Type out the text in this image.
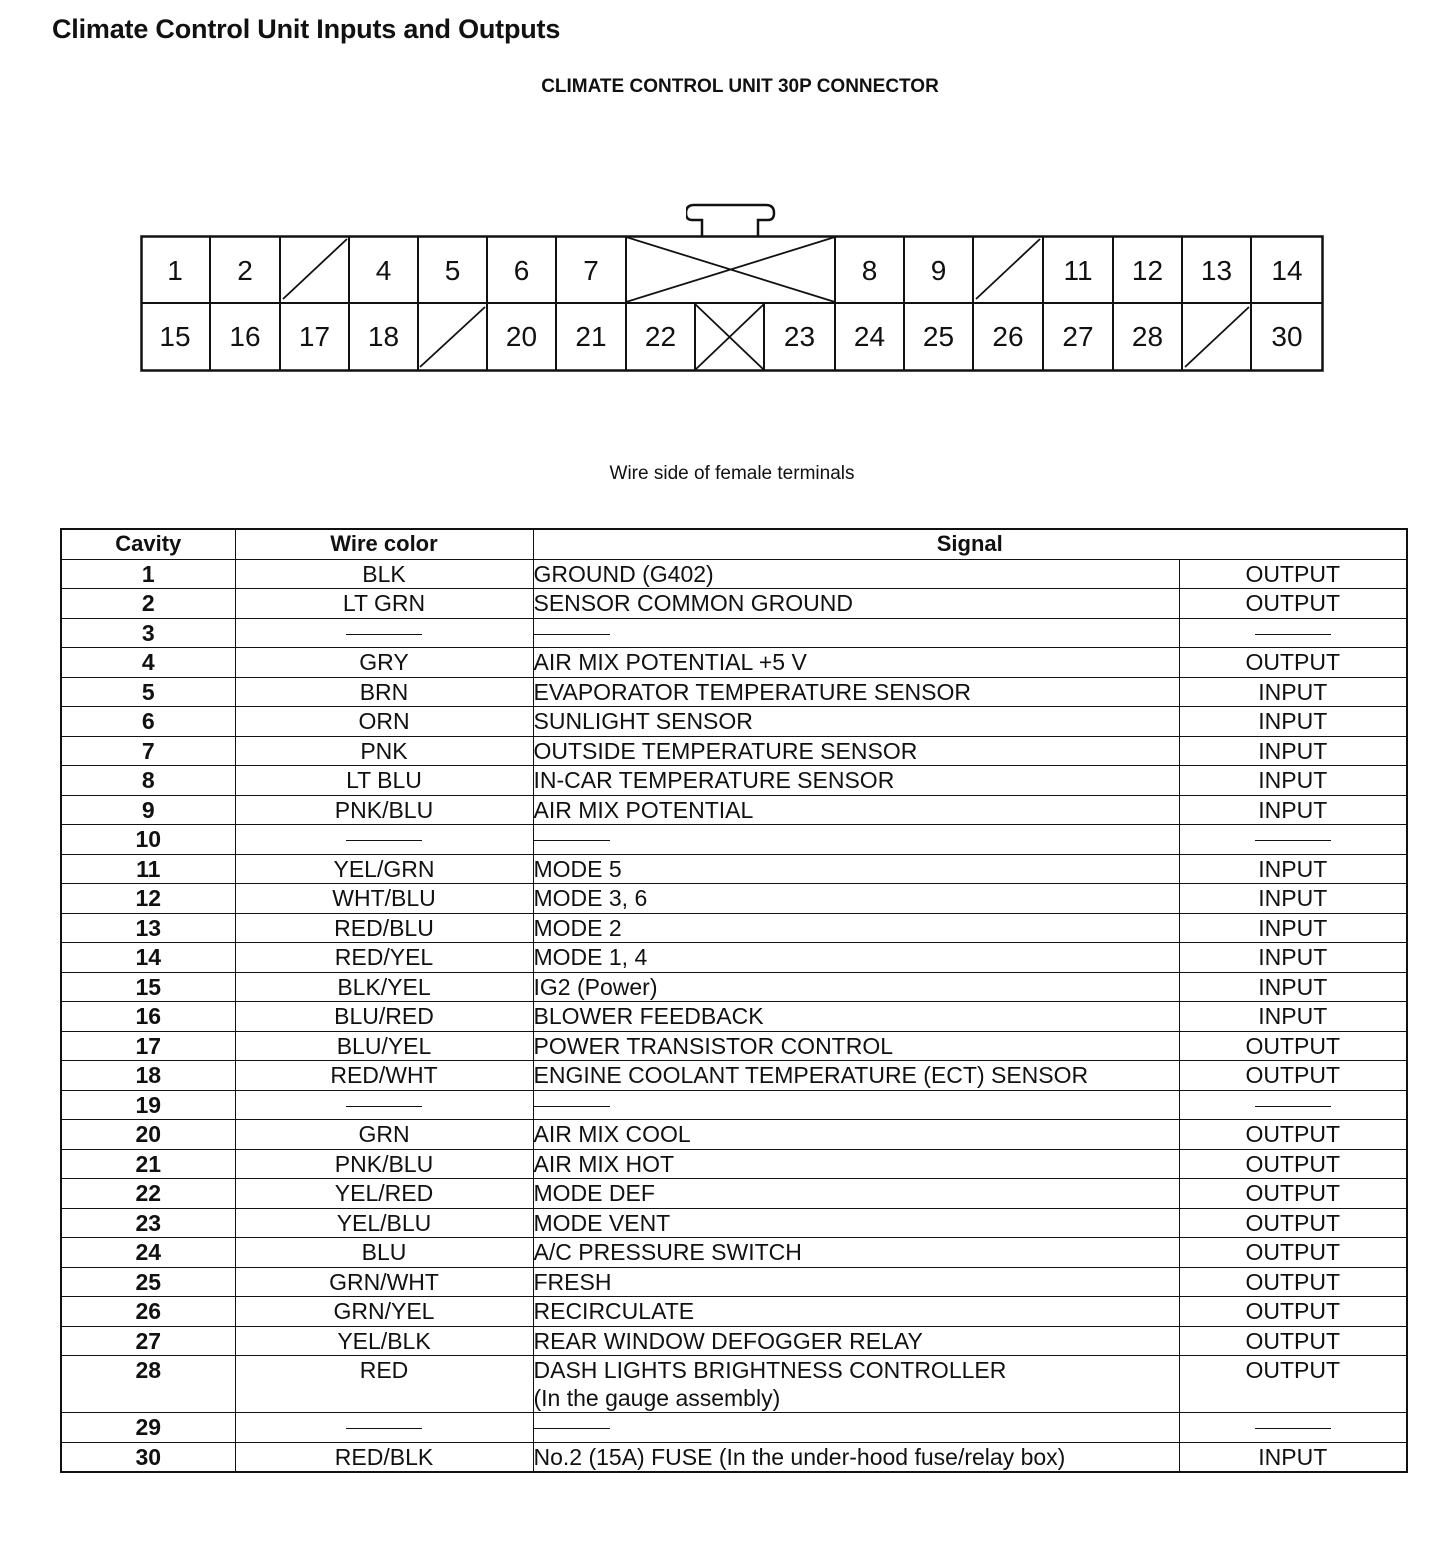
Climate Control Unit Inputs and Outputs
CLIMATE CONTROL UNIT 30P CONNECTOR
1	2	4	5	6	7	8	9	11	12	13	14
15	16	17	18	20	21	22	23	24	25	26	27	28	30
Wire side of female terminals
Cavity	Wire color	Signal	
1	BLK	GROUND (G402)	OUTPUT
2	LT GRN	SENSOR COMMON GROUND	OUTPUT
3			
4	GRY	AIR MIX POTENTIAL +5 V	OUTPUT
5	BRN	EVAPORATOR TEMPERATURE SENSOR	INPUT
6	ORN	SUNLIGHT SENSOR	INPUT
7	PNK	OUTSIDE TEMPERATURE SENSOR	INPUT
8	LT BLU	IN-CAR TEMPERATURE SENSOR	INPUT
9	PNK/BLU	AIR MIX POTENTIAL	INPUT
10			
11	YEL/GRN	MODE 5	INPUT
12	WHT/BLU	MODE 3, 6	INPUT
13	RED/BLU	MODE 2	INPUT
14	RED/YEL	MODE 1, 4	INPUT
15	BLK/YEL	IG2 (Power)	INPUT
16	BLU/RED	BLOWER FEEDBACK	INPUT
17	BLU/YEL	POWER TRANSISTOR CONTROL	OUTPUT
18	RED/WHT	ENGINE COOLANT TEMPERATURE (ECT) SENSOR	OUTPUT
19			
20	GRN	AIR MIX COOL	OUTPUT
21	PNK/BLU	AIR MIX HOT	OUTPUT
22	YEL/RED	MODE DEF	OUTPUT
23	YEL/BLU	MODE VENT	OUTPUT
24	BLU	A/C PRESSURE SWITCH	OUTPUT
25	GRN/WHT	FRESH	OUTPUT
26	GRN/YEL	RECIRCULATE	OUTPUT
27	YEL/BLK	REAR WINDOW DEFOGGER RELAY	OUTPUT
28	RED	DASH LIGHTS BRIGHTNESS CONTROLLER
(In the gauge assembly)	OUTPUT
29			
30	RED/BLK	No.2 (15A) FUSE (In the under-hood fuse/relay box)	INPUT
